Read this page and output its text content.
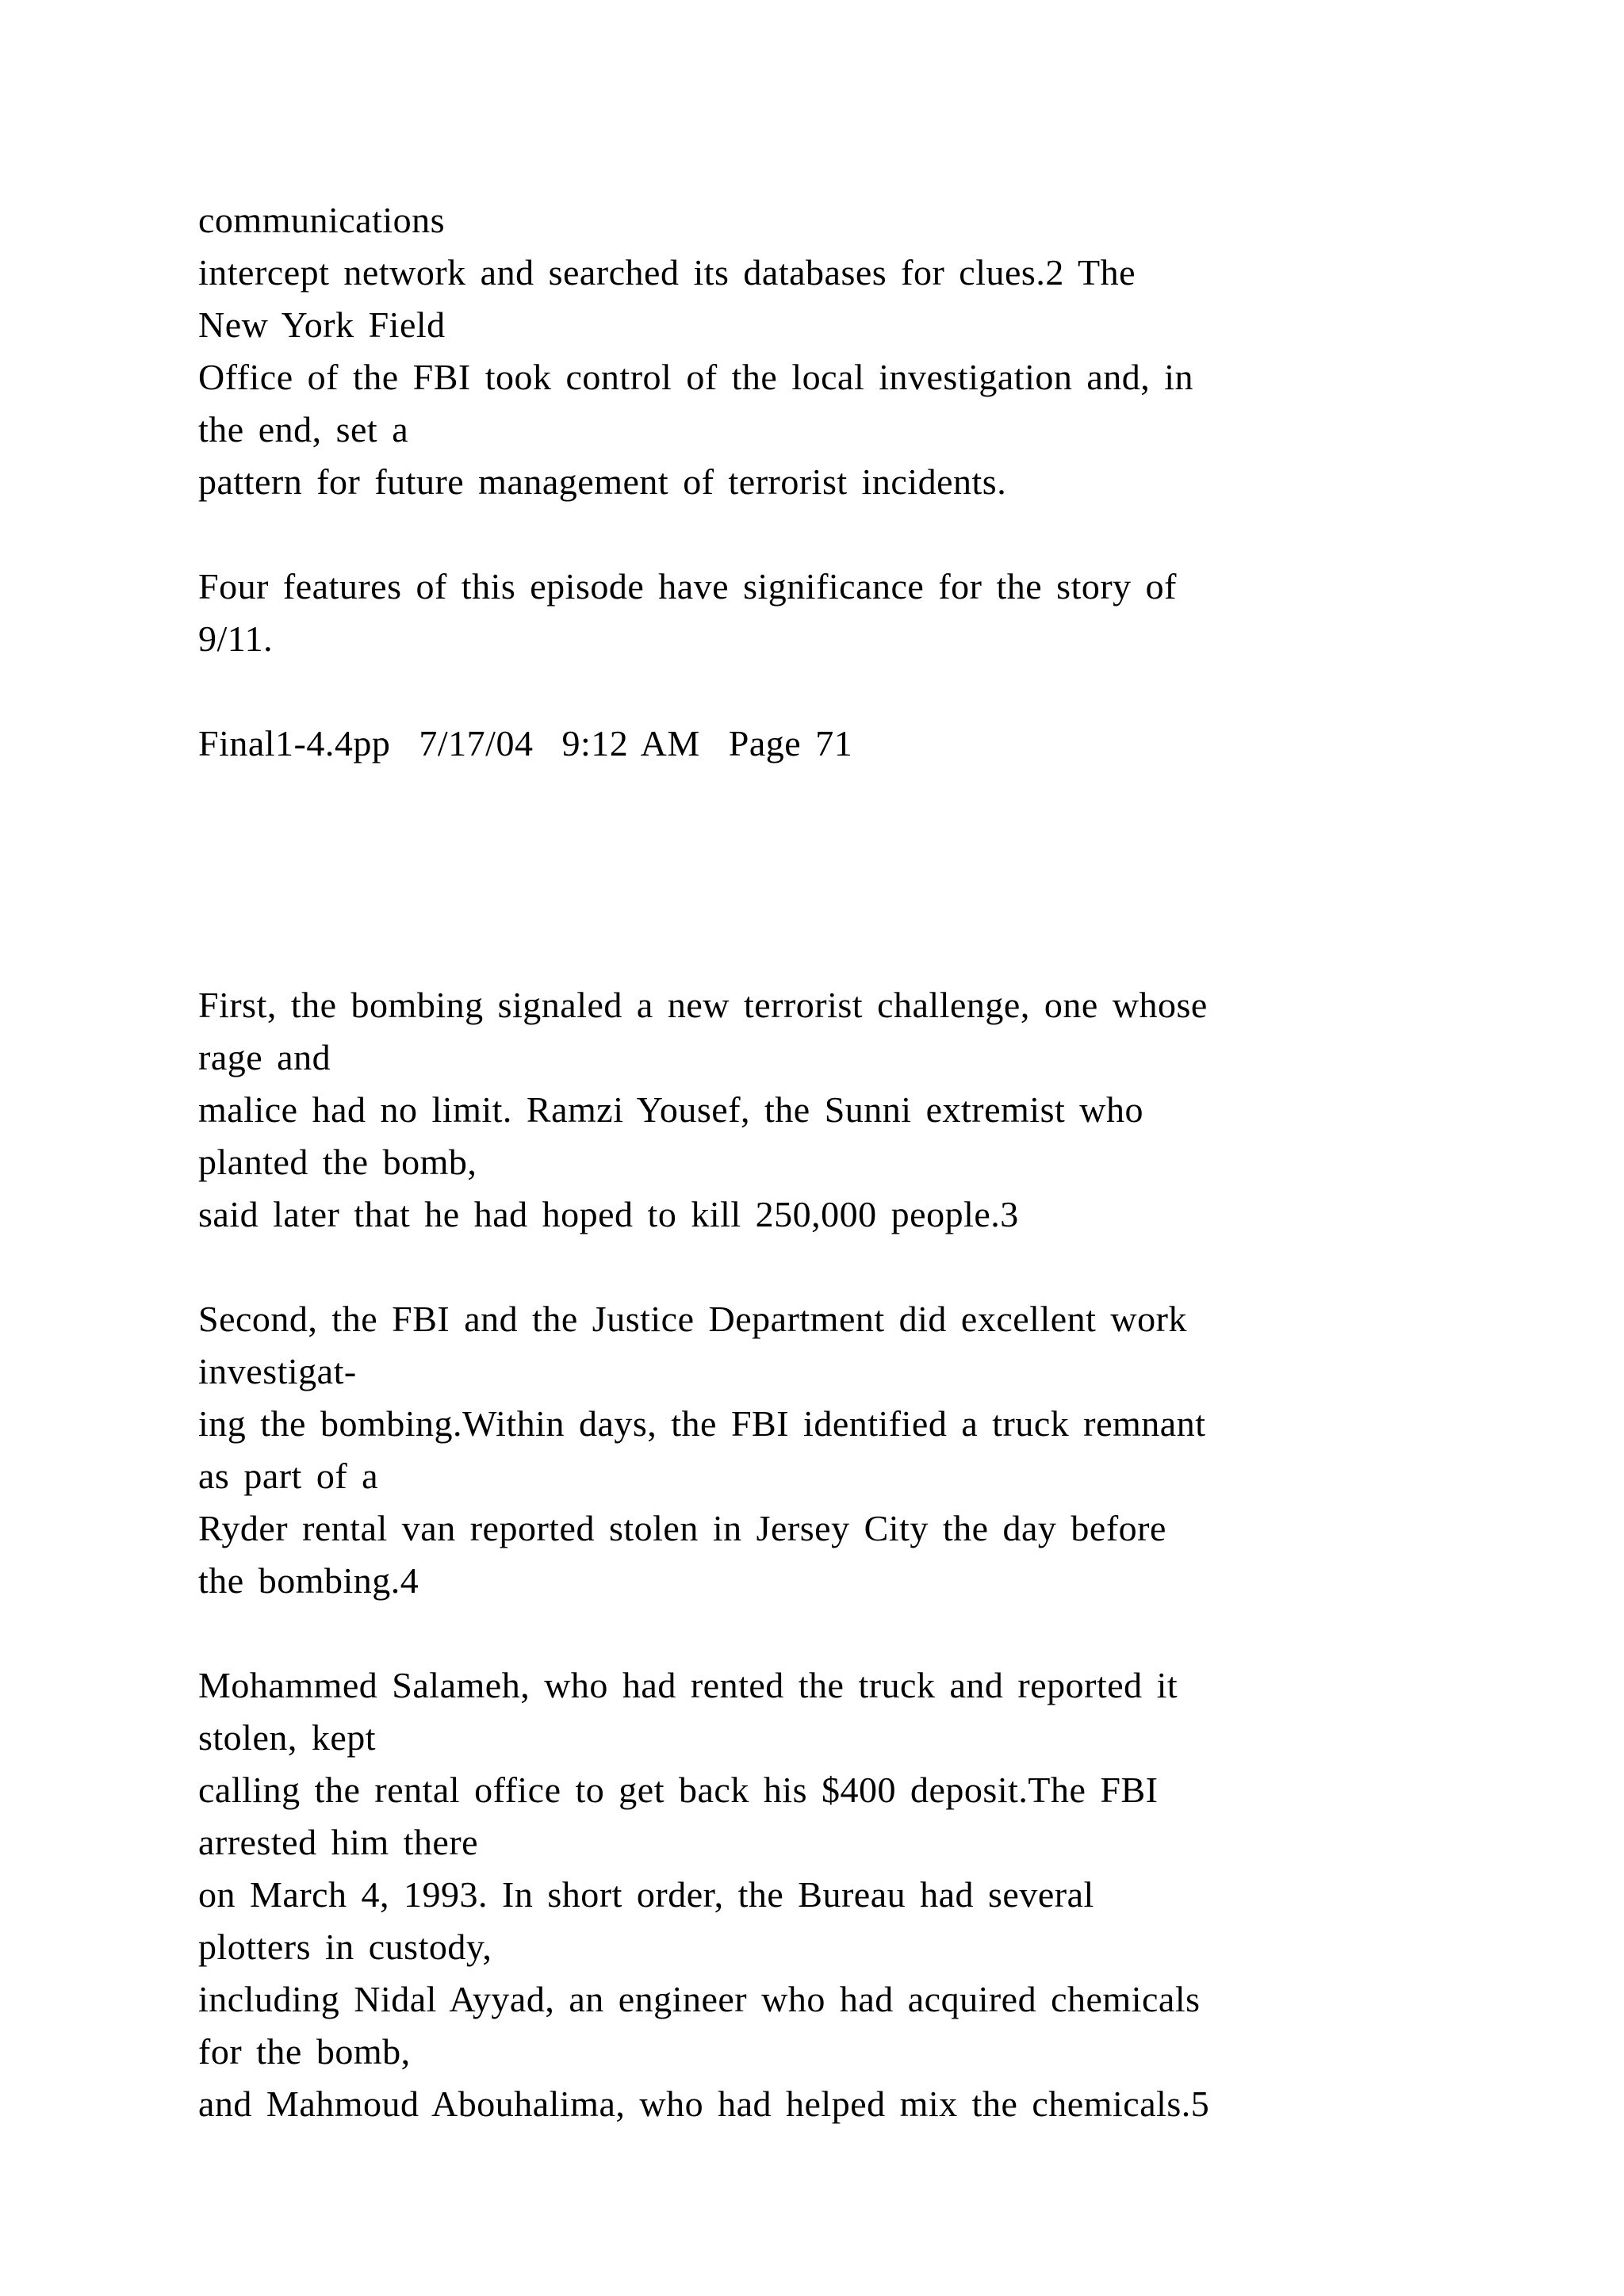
communications
intercept network and searched its databases for clues.2 The
New York Field
Office of the FBI took control of the local investigation and, in
the end, set a
pattern for future management of terrorist incidents.
Four features of this episode have significance for the story of
9/11.
Final1-4.4pp  7/17/04  9:12 AM  Page 71
First, the bombing signaled a new terrorist challenge, one whose
rage and
malice had no limit. Ramzi Yousef, the Sunni extremist who
planted the bomb,
said later that he had hoped to kill 250,000 people.3
Second, the FBI and the Justice Department did excellent work
investigat-
ing the bombing.Within days, the FBI identified a truck remnant
as part of a
Ryder rental van reported stolen in Jersey City the day before
the bombing.4
Mohammed Salameh, who had rented the truck and reported it
stolen, kept
calling the rental office to get back his $400 deposit.The FBI
arrested him there
on March 4, 1993. In short order, the Bureau had several
plotters in custody,
including Nidal Ayyad, an engineer who had acquired chemicals
for the bomb,
and Mahmoud Abouhalima, who had helped mix the chemicals.5
